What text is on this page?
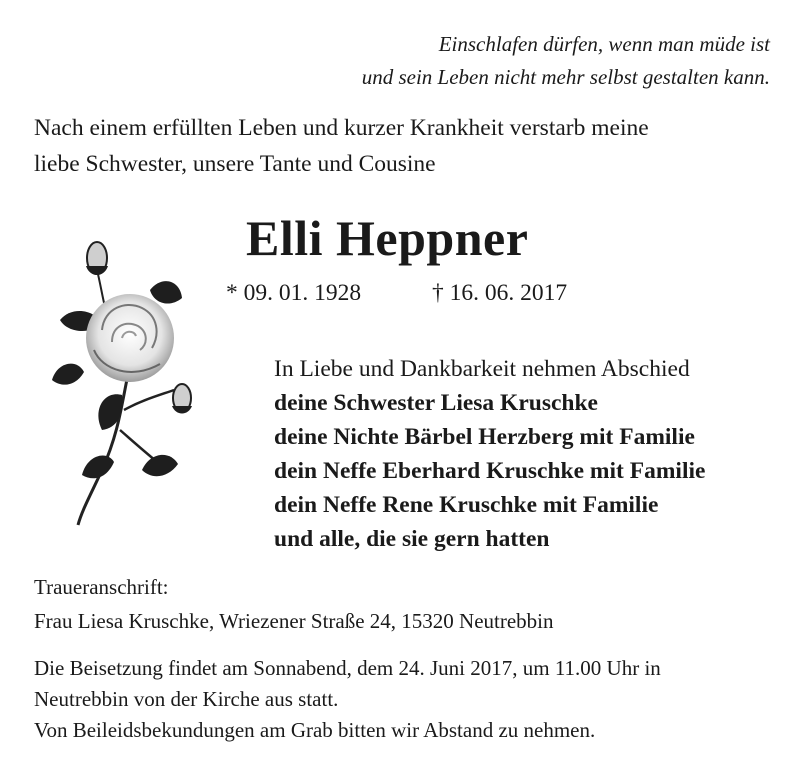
Einschlafen dürfen, wenn man müde ist
und sein Leben nicht mehr selbst gestalten kann.
Nach einem erfüllten Leben und kurzer Krankheit verstarb meine
liebe Schwester, unsere Tante und Cousine
Elli Heppner
* 09. 01. 1928	† 16. 06. 2017
In Liebe und Dankbarkeit nehmen Abschied
deine Schwester Liesa Kruschke
deine Nichte Bärbel Herzberg mit Familie
dein Neffe Eberhard Kruschke mit Familie
dein Neffe Rene Kruschke mit Familie
und alle, die sie gern hatten
Traueranschrift:
Frau Liesa Kruschke, Wriezener Straße 24, 15320 Neutrebbin
Die Beisetzung findet am Sonnabend, dem 24. Juni 2017, um 11.00 Uhr in
Neutrebbin von der Kirche aus statt.
Von Beileidsbekundungen am Grab bitten wir Abstand zu nehmen.
